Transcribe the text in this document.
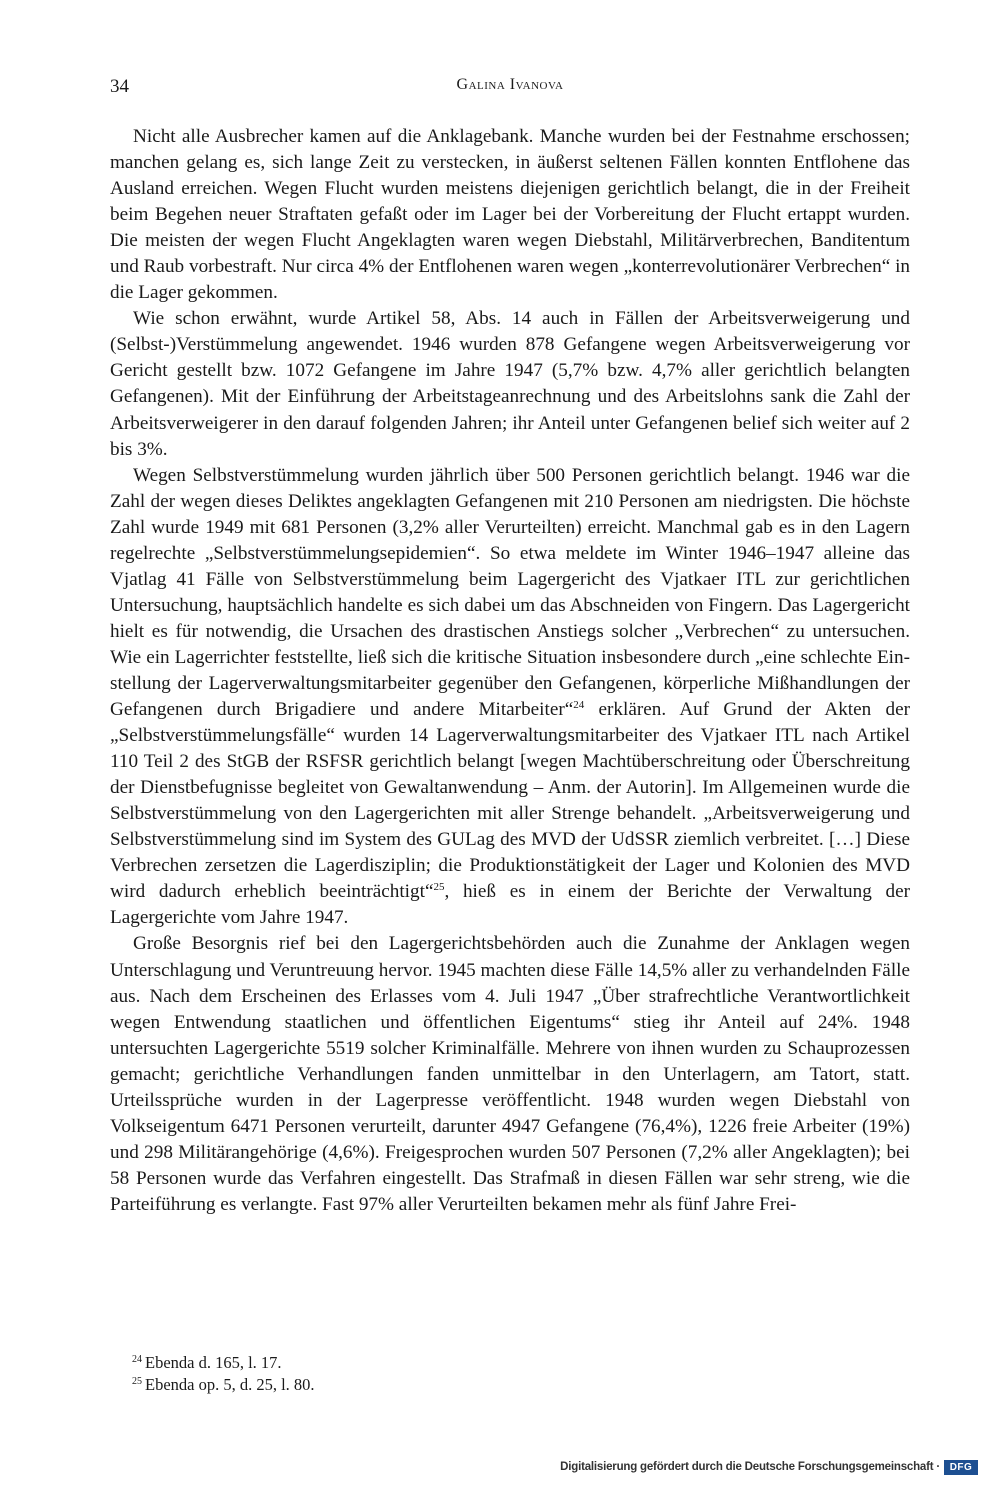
34	Galina Ivanova

Nicht alle Ausbrecher kamen auf die Anklagebank. Manche wurden bei der Festnahme erschossen; manchen gelang es, sich lange Zeit zu verstecken, in äußerst seltenen Fällen konnten Entflohene das Ausland erreichen. Wegen Flucht wurden meistens diejenigen gerichtlich belangt, die in der Freiheit beim Begehen neuer Straftaten gefaßt oder im Lager bei der Vorbereitung der Flucht ertappt wurden. Die meisten der wegen Flucht Angeklagten waren wegen Diebstahl, Militärverbrechen, Banditentum und Raub vorbestraft. Nur circa 4% der Entflohenen waren wegen „konterrevolutionärer Verbrechen“ in die Lager gekommen.

Wie schon erwähnt, wurde Artikel 58, Abs. 14 auch in Fällen der Arbeitsverweigerung und (Selbst-)Verstümmelung angewendet. 1946 wurden 878 Gefangene wegen Arbeitsverweigerung vor Gericht gestellt bzw. 1072 Gefangene im Jahre 1947 (5,7% bzw. 4,7% aller gerichtlich belangten Gefangenen). Mit der Einführung der Arbeitstageanrechnung und des Arbeitslohns sank die Zahl der Arbeitsverweigerer in den darauf folgenden Jahren; ihr Anteil unter Gefangenen belief sich weiter auf 2 bis 3%.

Wegen Selbstverstümmelung wurden jährlich über 500 Personen gerichtlich belangt. 1946 war die Zahl der wegen dieses Deliktes angeklagten Gefangenen mit 210 Personen am niedrigsten. Die höchste Zahl wurde 1949 mit 681 Personen (3,2% aller Verurteilten) erreicht. Manchmal gab es in den Lagern regelrechte „Selbstverstümmelungsepidemien“. So etwa meldete im Winter 1946–1947 alleine das Vjatlag 41 Fälle von Selbstverstümmelung beim Lagergericht des Vjatkaer ITL zur gerichtlichen Untersuchung, hauptsächlich handelte es sich dabei um das Abschneiden von Fingern. Das Lagergericht hielt es für notwendig, die Ursachen des drastischen Anstiegs solcher „Verbrechen“ zu untersuchen. Wie ein Lagerrichter feststellte, ließ sich die kritische Situation insbesondere durch „eine schlechte Einstellung der Lagerverwaltungsmitarbeiter gegenüber den Gefangenen, körperliche Mißhandlungen der Gefangenen durch Brigadiere und andere Mitarbeiter“$^{24}$ erklären. Auf Grund der Akten der „Selbstverstümmelungsfälle“ wurden 14 Lagerverwaltungsmitarbeiter des Vjatkaer ITL nach Artikel 110 Teil 2 des StGB der RSFSR gerichtlich belangt [wegen Machtüberschreitung oder Überschreitung der Dienstbefugnisse begleitet von Gewaltanwendung – Anm. der Autorin]. Im Allgemeinen wurde die Selbstverstümmelung von den Lagergerichten mit aller Strenge behandelt. „Arbeitsverweigerung und Selbstverstümmelung sind im System des GULag des MVD der UdSSR ziemlich verbreitet. […] Diese Verbrechen zersetzen die Lagerdisziplin; die Produktionstätigkeit der Lager und Kolonien des MVD wird dadurch erheblich beeinträchtigt“$^{25}$, hieß es in einem der Berichte der Verwaltung der Lagergerichte vom Jahre 1947.

Große Besorgnis rief bei den Lagergerichtsbehörden auch die Zunahme der Anklagen wegen Unterschlagung und Veruntreuung hervor. 1945 machten diese Fälle 14,5% aller zu verhandelnden Fälle aus. Nach dem Erscheinen des Erlasses vom 4. Juli 1947 „Über strafrechtliche Verantwortlichkeit wegen Entwendung staatlichen und öffentlichen Eigentums“ stieg ihr Anteil auf 24%. 1948 untersuchten Lagergerichte 5519 solcher Kriminalfälle. Mehrere von ihnen wurden zu Schauprozessen gemacht; gerichtliche Verhandlungen fanden unmittelbar in den Unterlagern, am Tatort, statt. Urteilssprüche wurden in der Lagerpresse veröffentlicht. 1948 wurden wegen Diebstahl von Volkseigentum 6471 Personen verurteilt, darunter 4947 Gefangene (76,4%), 1226 freie Arbeiter (19%) und 298 Militärangehörige (4,6%). Freigesprochen wurden 507 Personen (7,2% aller Angeklagten); bei 58 Personen wurde das Verfahren eingestellt. Das Strafmaß in diesen Fällen war sehr streng, wie die Parteiführung es verlangte. Fast 97% aller Verurteilten bekamen mehr als fünf Jahre Frei-

$^{24}$ Ebenda d. 165, l. 17.

$^{25}$ Ebenda op. 5, d. 25, l. 80.

Digitalisierung gefördert durch die Deutsche Forschungsgemeinschaft · DFG
